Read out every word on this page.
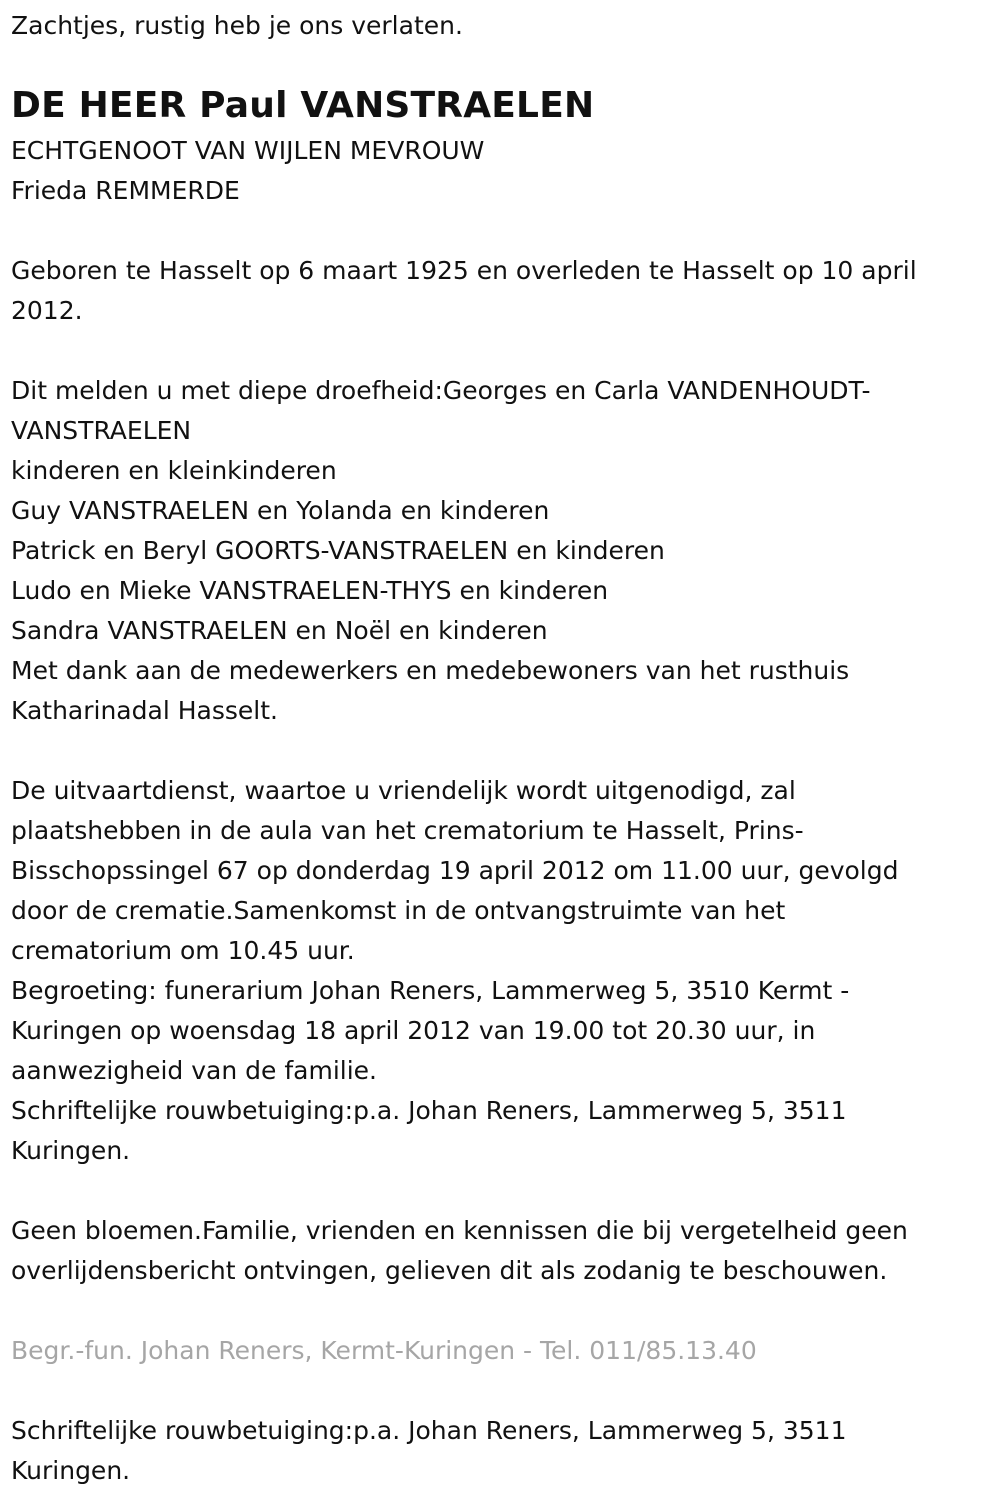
Zachtjes, rustig heb je ons verlaten.

DE HEER Paul VANSTRAELEN

ECHTGENOOT VAN WIJLEN MEVROUW

Frieda REMMERDE

Geboren te Hasselt op 6 maart 1925 en overleden te Hasselt op 10 april

2012.

Dit melden u met diepe droefheid:Georges en Carla VANDENHOUDT-

VANSTRAELEN

kinderen en kleinkinderen

Guy VANSTRAELEN en Yolanda en kinderen

Patrick en Beryl GOORTS-VANSTRAELEN en kinderen

Ludo en Mieke VANSTRAELEN-THYS en kinderen

Sandra VANSTRAELEN en Noël en kinderen

Met dank aan de medewerkers en medebewoners van het rusthuis

Katharinadal Hasselt.

De uitvaartdienst, waartoe u vriendelijk wordt uitgenodigd, zal

plaatshebben in de aula van het crematorium te Hasselt, Prins-

Bisschopssingel 67 op donderdag 19 april 2012 om 11.00 uur, gevolgd

door de crematie.Samenkomst in de ontvangstruimte van het

crematorium om 10.45 uur.

Begroeting: funerarium Johan Reners, Lammerweg 5, 3510 Kermt -

Kuringen op woensdag 18 april 2012 van 19.00 tot 20.30 uur, in

aanwezigheid van de familie.

Schriftelijke rouwbetuiging:p.a. Johan Reners, Lammerweg 5, 3511

Kuringen.

Geen bloemen.Familie, vrienden en kennissen die bij vergetelheid geen

overlijdensbericht ontvingen, gelieven dit als zodanig te beschouwen.

Begr.-fun. Johan Reners, Kermt-Kuringen - Tel. 011/85.13.40

Schriftelijke rouwbetuiging:p.a. Johan Reners, Lammerweg 5, 3511

Kuringen.
